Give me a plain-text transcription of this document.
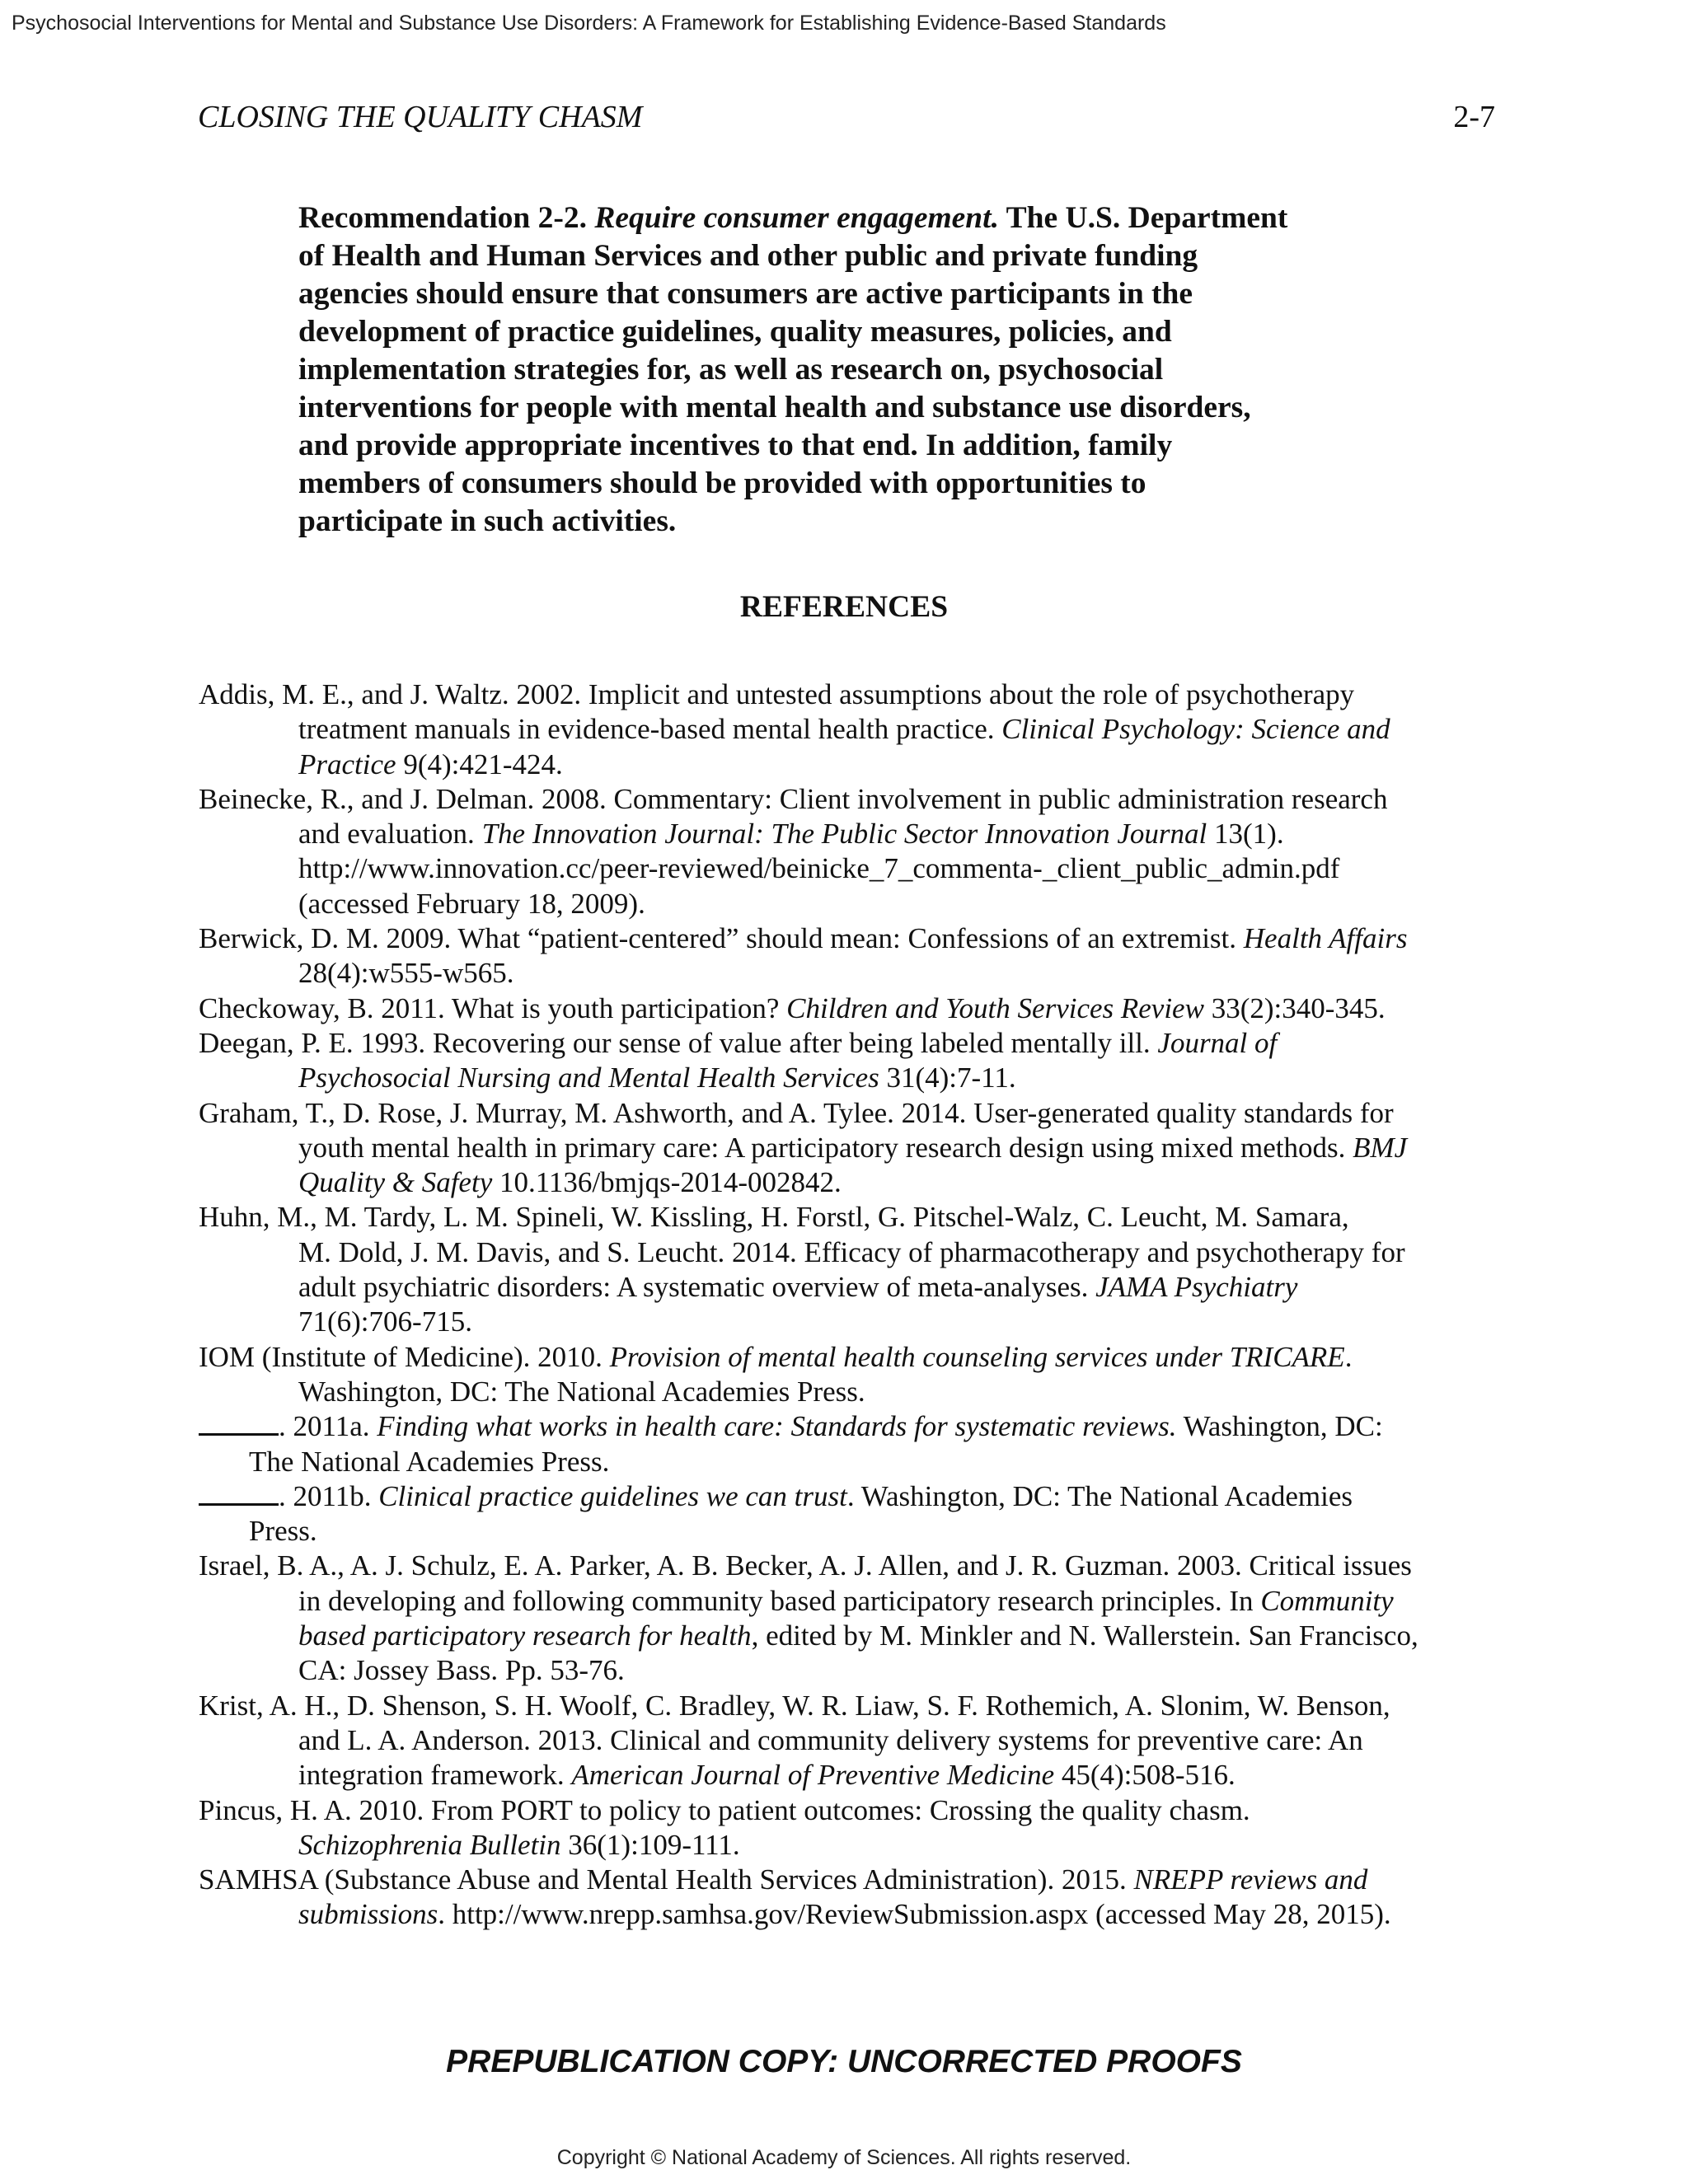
Psychosocial Interventions for Mental and Substance Use Disorders: A Framework for Establishing Evidence-Based Standards
CLOSING THE QUALITY CHASM	2-7
Recommendation 2-2. Require consumer engagement. The U.S. Department
of Health and Human Services and other public and private funding
agencies should ensure that consumers are active participants in the
development of practice guidelines, quality measures, policies, and
implementation strategies for, as well as research on, psychosocial
interventions for people with mental health and substance use disorders,
and provide appropriate incentives to that end. In addition, family
members of consumers should be provided with opportunities to
participate in such activities.
REFERENCES
Addis, M. E., and J. Waltz. 2002. Implicit and untested assumptions about the role of psychotherapy
treatment manuals in evidence-based mental health practice. Clinical Psychology: Science and
Practice 9(4):421-424.
Beinecke, R., and J. Delman. 2008. Commentary: Client involvement in public administration research
and evaluation. The Innovation Journal: The Public Sector Innovation Journal 13(1).
http://www.innovation.cc/peer-reviewed/beinicke_7_commenta-_client_public_admin.pdf
(accessed February 18, 2009).
Berwick, D. M. 2009. What “patient-centered” should mean: Confessions of an extremist. Health Affairs
28(4):w555-w565.
Checkoway, B. 2011. What is youth participation? Children and Youth Services Review 33(2):340-345.
Deegan, P. E. 1993. Recovering our sense of value after being labeled mentally ill. Journal of
Psychosocial Nursing and Mental Health Services 31(4):7-11.
Graham, T., D. Rose, J. Murray, M. Ashworth, and A. Tylee. 2014. User-generated quality standards for
youth mental health in primary care: A participatory research design using mixed methods. BMJ
Quality & Safety 10.1136/bmjqs-2014-002842.
Huhn, M., M. Tardy, L. M. Spineli, W. Kissling, H. Forstl, G. Pitschel-Walz, C. Leucht, M. Samara,
M. Dold, J. M. Davis, and S. Leucht. 2014. Efficacy of pharmacotherapy and psychotherapy for
adult psychiatric disorders: A systematic overview of meta-analyses. JAMA Psychiatry
71(6):706-715.
IOM (Institute of Medicine). 2010. Provision of mental health counseling services under TRICARE.
Washington, DC: The National Academies Press.
. 2011a. Finding what works in health care: Standards for systematic reviews. Washington, DC:
The National Academies Press.
. 2011b. Clinical practice guidelines we can trust. Washington, DC: The National Academies
Press.
Israel, B. A., A. J. Schulz, E. A. Parker, A. B. Becker, A. J. Allen, and J. R. Guzman. 2003. Critical issues
in developing and following community based participatory research principles. In Community
based participatory research for health, edited by M. Minkler and N. Wallerstein. San Francisco,
CA: Jossey Bass. Pp. 53-76.
Krist, A. H., D. Shenson, S. H. Woolf, C. Bradley, W. R. Liaw, S. F. Rothemich, A. Slonim, W. Benson,
and L. A. Anderson. 2013. Clinical and community delivery systems for preventive care: An
integration framework. American Journal of Preventive Medicine 45(4):508-516.
Pincus, H. A. 2010. From PORT to policy to patient outcomes: Crossing the quality chasm.
Schizophrenia Bulletin 36(1):109-111.
SAMHSA (Substance Abuse and Mental Health Services Administration). 2015. NREPP reviews and
submissions. http://www.nrepp.samhsa.gov/ReviewSubmission.aspx (accessed May 28, 2015).
PREPUBLICATION COPY: UNCORRECTED PROOFS
Copyright © National Academy of Sciences. All rights reserved.
